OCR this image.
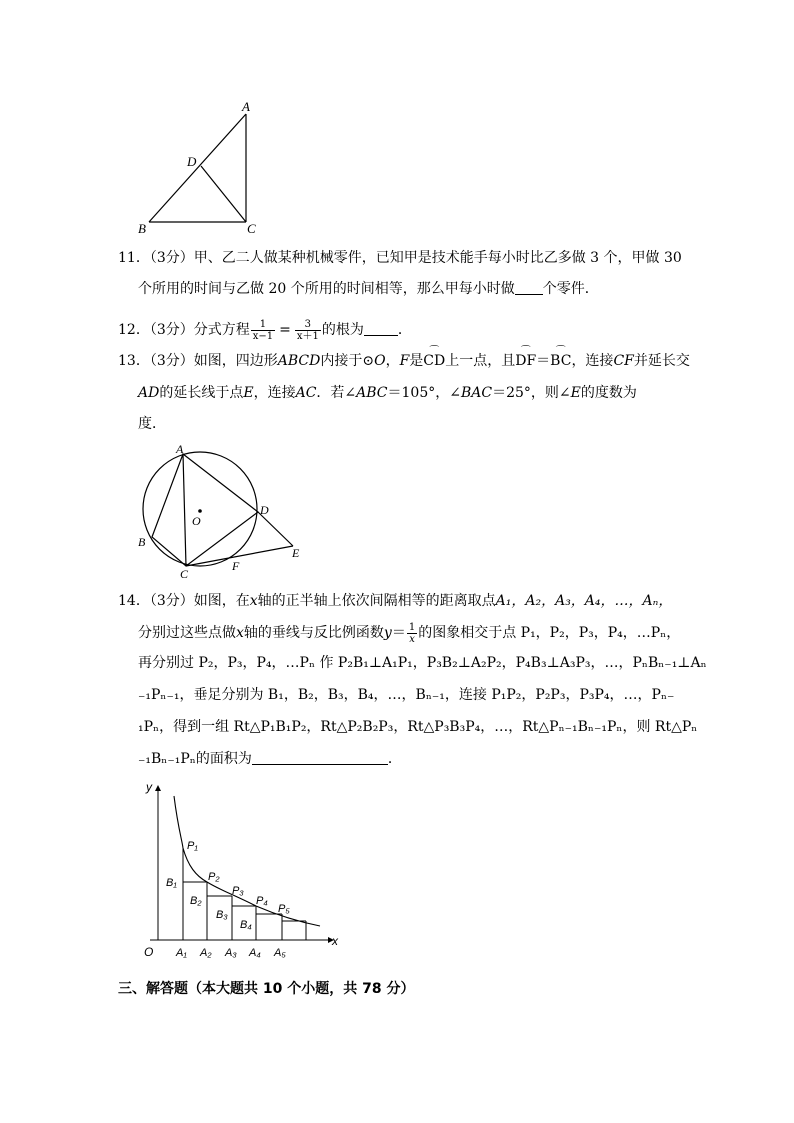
A
D
B	C
11．（3分）甲、乙二人做某种机械零件，已知甲是技术能手每小时比乙多做 3 个，甲做 30
个所用的时间与乙做 20 个所用的时间相等，那么甲每小时做 个零件．
12．（3分）分式方程 $\frac{1}{x-1} = \frac{3}{x+1}$ 的根为 ．
13．（3分）如图，四边形ABCD内接于⊙O，F是⌒ CD上一点，且⌒ DF＝⌒ BC，连接CF并延长交
AD的延长线于点E，连接AC．若∠ABC＝105°，∠BAC＝25°，则∠E的度数为
度．
A
O
D
B
C
F
E
14．（3分）如图，在x轴的正半轴上依次间隔相等的距离取点A₁，A₂，A₃，A₄，…，Aₙ，
分别过这些点做x轴的垂线与反比例函数$y= \frac{1}{x}$ 的图象相交于点 P₁，P₂，P₃，P₄，…Pₙ，
再分别过 P₂，P₃，P₄，…Pₙ 作 P₂B₁⊥A₁P₁，P₃B₂⊥A₂P₂，P₄B₃⊥A₃P₃，…，PₙBₙ₋₁⊥Aₙ
₋₁Pₙ₋₁，垂足分别为 B₁，B₂，B₃，B₄，…，Bₙ₋₁，连接 P₁P₂，P₂P₃，P₃P₄，…，Pₙ₋
₁Pₙ，得到一组 Rt△P₁B₁P₂，Rt△P₂B₂P₃，Rt△P₃B₃P₄，…，Rt△Pₙ₋₁Bₙ₋₁Pₙ，则 Rt△Pₙ
₋₁Bₙ₋₁Pₙ的面积为	．
y
x
O
P₁
P₂
P₃
P₄
P₅
B₁
B₂
B₃
B₄
A₁ A₂ A₃ A₄ A₅
三、解答题（本大题共 10 个小题，共 78 分）
